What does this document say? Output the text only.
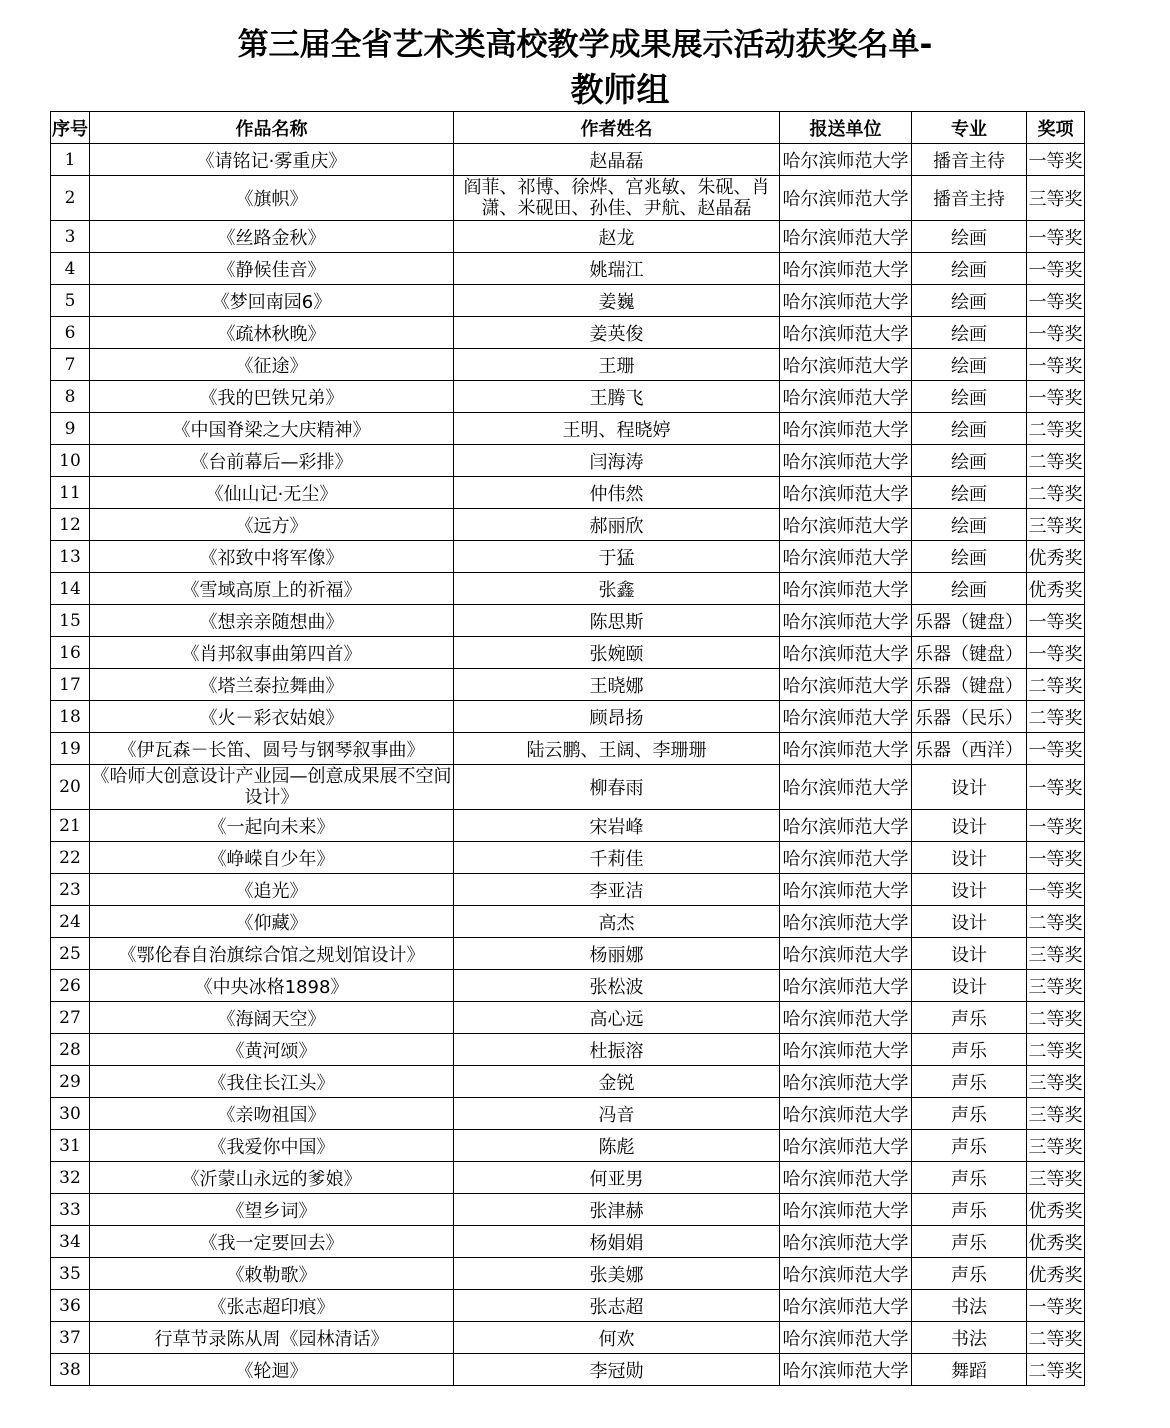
第三届全省艺术类高校教学成果展示活动获奖名单-
教师组
序号	作品名称	作者姓名	报送单位	专业	奖项
1	《请铭记·雾重庆》	赵晶磊	哈尔滨师范大学	播音主待	一等奖
2	《旗帜》	阎菲、祁博、徐烨、宫兆敏、朱砚、肖潇、米砚田、孙佳、尹航、赵晶磊	哈尔滨师范大学	播音主持	三等奖
3	《丝路金秋》	赵龙	哈尔滨师范大学	绘画	一等奖
4	《静候佳音》	姚瑞江	哈尔滨师范大学	绘画	一等奖
5	《梦回南园6》	姜巍	哈尔滨师范大学	绘画	一等奖
6	《疏林秋晚》	姜英俊	哈尔滨师范大学	绘画	一等奖
7	《征途》	王珊	哈尔滨师范大学	绘画	一等奖
8	《我的巴铁兄弟》	王腾飞	哈尔滨师范大学	绘画	一等奖
9	《中国脊梁之大庆精神》	王明、程晓婷	哈尔滨师范大学	绘画	二等奖
10	《台前幕后—彩排》	闫海涛	哈尔滨师范大学	绘画	二等奖
11	《仙山记·无尘》	仲伟然	哈尔滨师范大学	绘画	二等奖
12	《远方》	郝丽欣	哈尔滨师范大学	绘画	三等奖
13	《祁致中将军像》	于猛	哈尔滨师范大学	绘画	优秀奖
14	《雪域高原上的祈福》	张鑫	哈尔滨师范大学	绘画	优秀奖
15	《想亲亲随想曲》	陈思斯	哈尔滨师范大学	乐器（键盘）	一等奖
16	《肖邦叙事曲第四首》	张婉颐	哈尔滨师范大学	乐器（键盘）	一等奖
17	《塔兰泰拉舞曲》	王晓娜	哈尔滨师范大学	乐器（键盘）	二等奖
18	《火－彩衣姑娘》	顾昂扬	哈尔滨师范大学	乐器（民乐）	二等奖
19	《伊瓦森－长笛、圆号与钢琴叙事曲》	陆云鹏、王阔、李珊珊	哈尔滨师范大学	乐器（西洋）	一等奖
20	《哈师大创意设计产业园—创意成果展不空间设计》	柳春雨	哈尔滨师范大学	设计	一等奖
21	《一起向未来》	宋岩峰	哈尔滨师范大学	设计	一等奖
22	《峥嵘自少年》	千莉佳	哈尔滨师范大学	设计	一等奖
23	《追光》	李亚洁	哈尔滨师范大学	设计	一等奖
24	《仰藏》	高杰	哈尔滨师范大学	设计	二等奖
25	《鄂伦春自治旗综合馆之规划馆设计》	杨丽娜	哈尔滨师范大学	设计	三等奖
26	《中央冰格1898》	张松波	哈尔滨师范大学	设计	三等奖
27	《海阔天空》	高心远	哈尔滨师范大学	声乐	二等奖
28	《黄河颂》	杜振溶	哈尔滨师范大学	声乐	二等奖
29	《我住长江头》	金锐	哈尔滨师范大学	声乐	三等奖
30	《亲吻祖国》	冯音	哈尔滨师范大学	声乐	三等奖
31	《我爱你中国》	陈彪	哈尔滨师范大学	声乐	三等奖
32	《沂蒙山永远的爹娘》	何亚男	哈尔滨师范大学	声乐	三等奖
33	《望乡词》	张津赫	哈尔滨师范大学	声乐	优秀奖
34	《我一定要回去》	杨娟娟	哈尔滨师范大学	声乐	优秀奖
35	《敕勒歌》	张美娜	哈尔滨师范大学	声乐	优秀奖
36	《张志超印痕》	张志超	哈尔滨师范大学	书法	一等奖
37	行草节录陈从周《园林清话》	何欢	哈尔滨师范大学	书法	二等奖
38	《轮迴》	李冠勋	哈尔滨师范大学	舞蹈	二等奖
